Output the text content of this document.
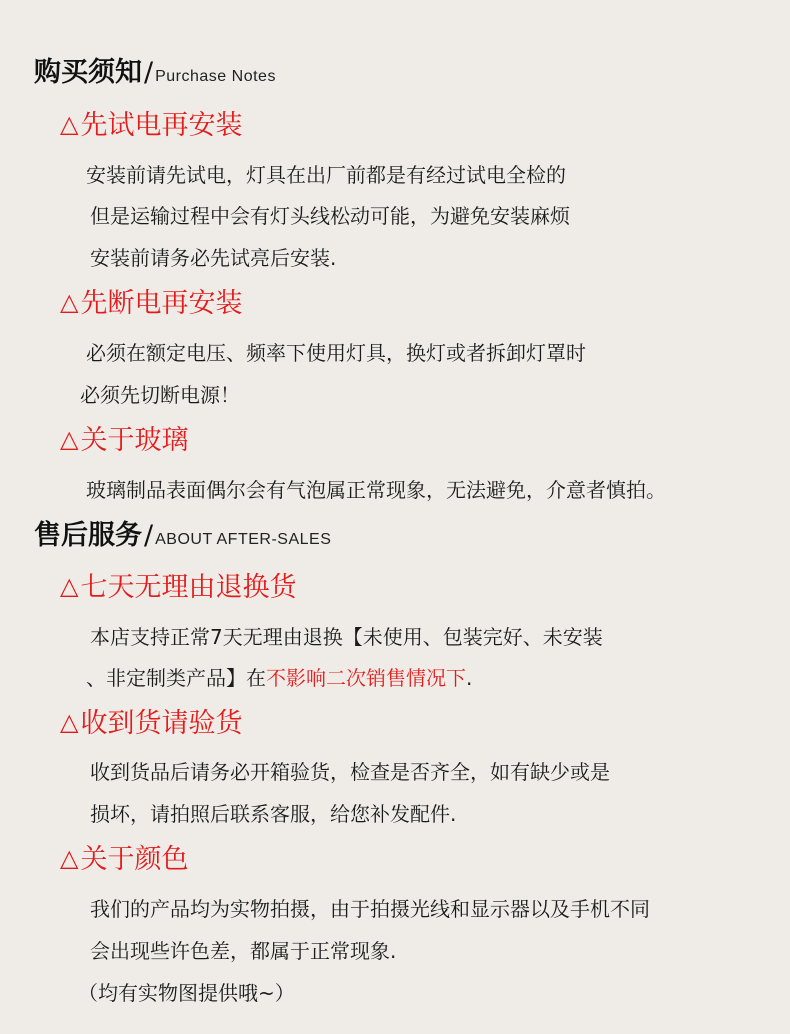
购买须知/ Purchase Notes
△先试电再安装
安装前请先试电，灯具在出厂前都是有经过试电全检的
但是运输过程中会有灯头线松动可能，为避免安装麻烦
安装前请务必先试亮后安装.
△先断电再安装
必须在额定电压、频率下使用灯具，换灯或者拆卸灯罩时
必须先切断电源！
△关于玻璃
玻璃制品表面偶尔会有气泡属正常现象，无法避免，介意者慎拍。
售后服务/ ABOUT AFTER-SALES
△七天无理由退换货
本店支持正常7天无理由退换【未使用、包装完好、未安装
、非定制类产品】在不影响二次销售情况下.
△收到货请验货
收到货品后请务必开箱验货，检查是否齐全，如有缺少或是
损坏，请拍照后联系客服，给您补发配件.
△关于颜色
我们的产品均为实物拍摄，由于拍摄光线和显示器以及手机不同
会出现些许色差，都属于正常现象.
（均有实物图提供哦~）
